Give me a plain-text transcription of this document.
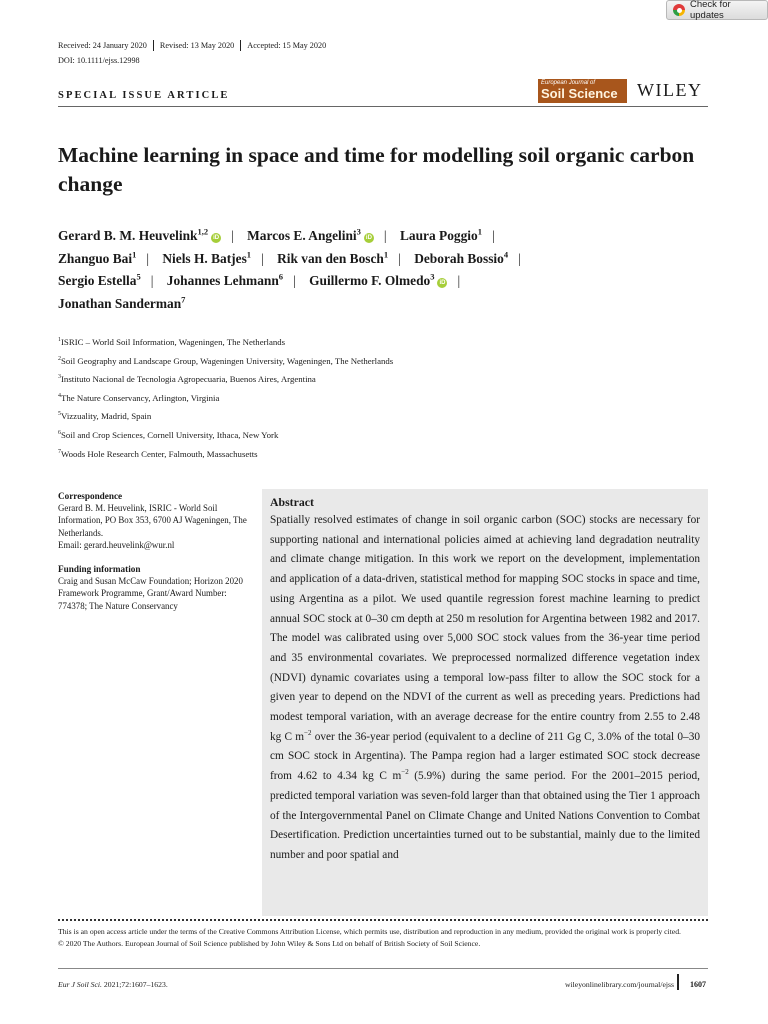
Check for updates
Received: 24 January 2020 Revised: 13 May 2020 Accepted: 15 May 2020
DOI: 10.1111/ejss.12998
SPECIAL ISSUE ARTICLE
European Journal of
Soil Science	WILEY
Machine learning in space and time for modelling soil organic carbon change

Gerard B. M. Heuvelink$^{1,2}$iD | Marcos E. Angelini$^3$iD | Laura Poggio$^1$ |
Zhanguo Bai$^1$ | Niels H. Batjes$^1$ | Rik van den Bosch$^1$ | Deborah Bossio$^4$ |
Sergio Estella$^5$ | Johannes Lehmann$^6$ | Guillermo F. Olmedo$^3$iD |
Jonathan Sanderman$^7$

$^1$ISRIC – World Soil Information, Wageningen, The Netherlands
$^2$Soil Geography and Landscape Group, Wageningen University, Wageningen, The Netherlands
$^3$Instituto Nacional de Tecnologia Agropecuaria, Buenos Aires, Argentina
$^4$The Nature Conservancy, Arlington, Virginia
$^5$Vizzuality, Madrid, Spain
$^6$Soil and Crop Sciences, Cornell University, Ithaca, New York
$^7$Woods Hole Research Center, Falmouth, Massachusetts
Correspondence

Gerard B. M. Heuvelink, ISRIC - World Soil Information, PO Box 353, 6700 AJ Wageningen, The Netherlands.

Email: gerard.heuvelink@wur.nl

Funding information

Craig and Susan McCaw Foundation; Horizon 2020 Framework Programme, Grant/Award Number: 774378; The Nature Conservancy

Abstract

Spatially resolved estimates of change in soil organic carbon (SOC) stocks are necessary for supporting national and international policies aimed at achieving land degradation neutrality and climate change mitigation. In this work we report on the development, implementation and application of a data-driven, statistical method for mapping SOC stocks in space and time, using Argentina as a pilot. We used quantile regression forest machine learning to predict annual SOC stock at 0–30 cm depth at 250 m resolution for Argentina between 1982 and 2017. The model was calibrated using over 5,000 SOC stock values from the 36-year time period and 35 environmental covariates. We preprocessed normalized difference vegetation index (NDVI) dynamic covariates using a temporal low-pass filter to allow the SOC stock for a given year to depend on the NDVI of the current as well as preceding years. Predictions had modest temporal variation, with an average decrease for the entire country from 2.55 to 2.48 kg C $m^{-2}$ over the 36-year period (equivalent to a decline of 211 Gg C, 3.0% of the total 0–30 cm SOC stock in Argentina). The Pampa region had a larger estimated SOC stock decrease from 4.62 to 4.34 kg C $m^{-2}$ (5.9%) during the same period. For the 2001–2015 period, predicted temporal variation was seven-fold larger than that obtained using the Tier 1 approach of the Intergovernmental Panel on Climate Change and United Nations Convention to Combat Desertification. Prediction uncertainties turned out to be substantial, mainly due to the limited number and poor spatial and

This is an open access article under the terms of the Creative Commons Attribution License, which permits use, distribution and reproduction in any medium, provided the original work is properly cited.

© 2020 The Authors. European Journal of Soil Science published by John Wiley & Sons Ltd on behalf of British Society of Soil Science.

Eur J Soil Sci. 2021;72:1607–1623.	wileyonlinelibrary.com/journal/ejss 1607
